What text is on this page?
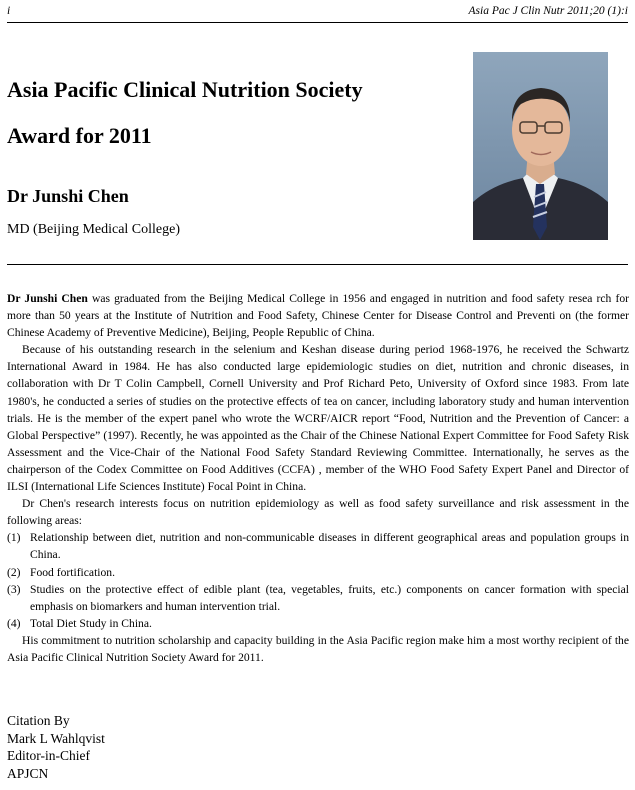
i	Asia Pac J Clin Nutr 2011;20 (1):i
Asia Pacific Clinical Nutrition Society
Award for 2011
Dr Junshi Chen
MD (Beijing Medical College)

Dr Junshi Chen was graduated from the Beijing Medical College in 1956 and engaged in nutrition and food safety resea rch for more than 50 years at the Institute of Nutrition and Food Safety, Chinese Center for Disease Control and Preventi on (the former Chinese Academy of Preventive Medicine), Beijing, People Republic of China.

Because of his outstanding research in the selenium and Keshan disease during period 1968-1976, he received the Schwartz International Award in 1984. He has also conducted large epidemiologic studies on diet, nutrition and chronic diseases, in collaboration with Dr T Colin Campbell, Cornell University and Prof Richard Peto, University of Oxford since 1983. From late 1980's, he conducted a series of studies on the protective effects of tea on cancer, including laboratory study and human intervention trials. He is the member of the expert panel who wrote the WCRF/AICR report “Food, Nutrition and the Prevention of Cancer: a Global Perspective” (1997). Recently, he was appointed as the Chair of the Chinese National Expert Committee for Food Safety Risk Assessment and the Vice-Chair of the National Food Safety Standard Reviewing Committee. Internationally, he serves as the chairperson of the Codex Committee on Food Additives (CCFA) , member of the WHO Food Safety Expert Panel and Director of ILSI (International Life Sciences Institute) Focal Point in China.

Dr Chen's research interests focus on nutrition epidemiology as well as food safety surveillance and risk assessment in the following areas:

(1) Relationship between diet, nutrition and non-communicable diseases in different geographical areas and population groups in China.
(2) Food fortification.
(3) Studies on the protective effect of edible plant (tea, vegetables, fruits, etc.) components on cancer formation with special emphasis on biomarkers and human intervention trial.
(4) Total Diet Study in China.

His commitment to nutrition scholarship and capacity building in the Asia Pacific region make him a most worthy recipient of the Asia Pacific Clinical Nutrition Society Award for 2011.

Citation By
Mark L Wahlqvist
Editor-in-Chief
APJCN
